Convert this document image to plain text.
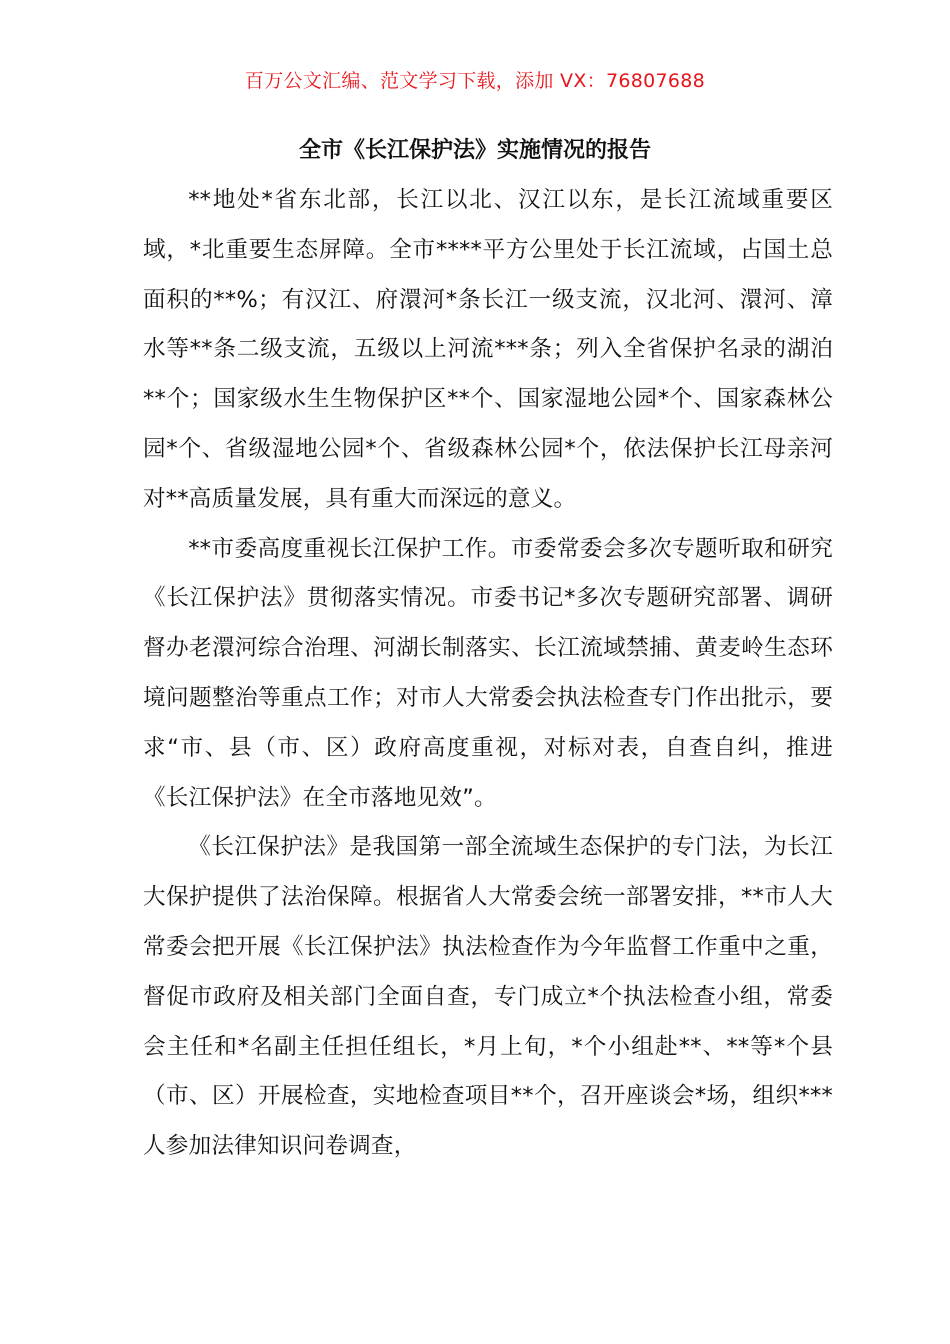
百万公文汇编、范文学习下载，添加 VX：76807688
全市《长江保护法》实施情况的报告

**地处*省东北部，长江以北、汉江以东，是长江流域重要区域，*北重要生态屏障。全市****平方公里处于长江流域，占国土总面积的**%；有汉江、府澴河*条长江一级支流，汉北河、澴河、漳水等**条二级支流，五级以上河流***条；列入全省保护名录的湖泊**个；国家级水生生物保护区**个、国家湿地公园*个、国家森林公园*个、省级湿地公园*个、省级森林公园*个，依法保护长江母亲河对**高质量发展，具有重大而深远的意义。

**市委高度重视长江保护工作。市委常委会多次专题听取和研究《长江保护法》贯彻落实情况。市委书记*多次专题研究部署、调研督办老澴河综合治理、河湖长制落实、长江流域禁捕、黄麦岭生态环境问题整治等重点工作；对市人大常委会执法检查专门作出批示，要求“市、县（市、区）政府高度重视，对标对表，自查自纠，推进《长江保护法》在全市落地见效”。

《长江保护法》是我国第一部全流域生态保护的专门法，为长江大保护提供了法治保障。根据省人大常委会统一部署安排，**市人大常委会把开展《长江保护法》执法检查作为今年监督工作重中之重，督促市政府及相关部门全面自查，专门成立*个执法检查小组，常委会主任和*名副主任担任组长，*月上旬，*个小组赴**、**等*个县（市、区）开展检查，实地检查项目**个，召开座谈会*场，组织***人参加法律知识问卷调查，
